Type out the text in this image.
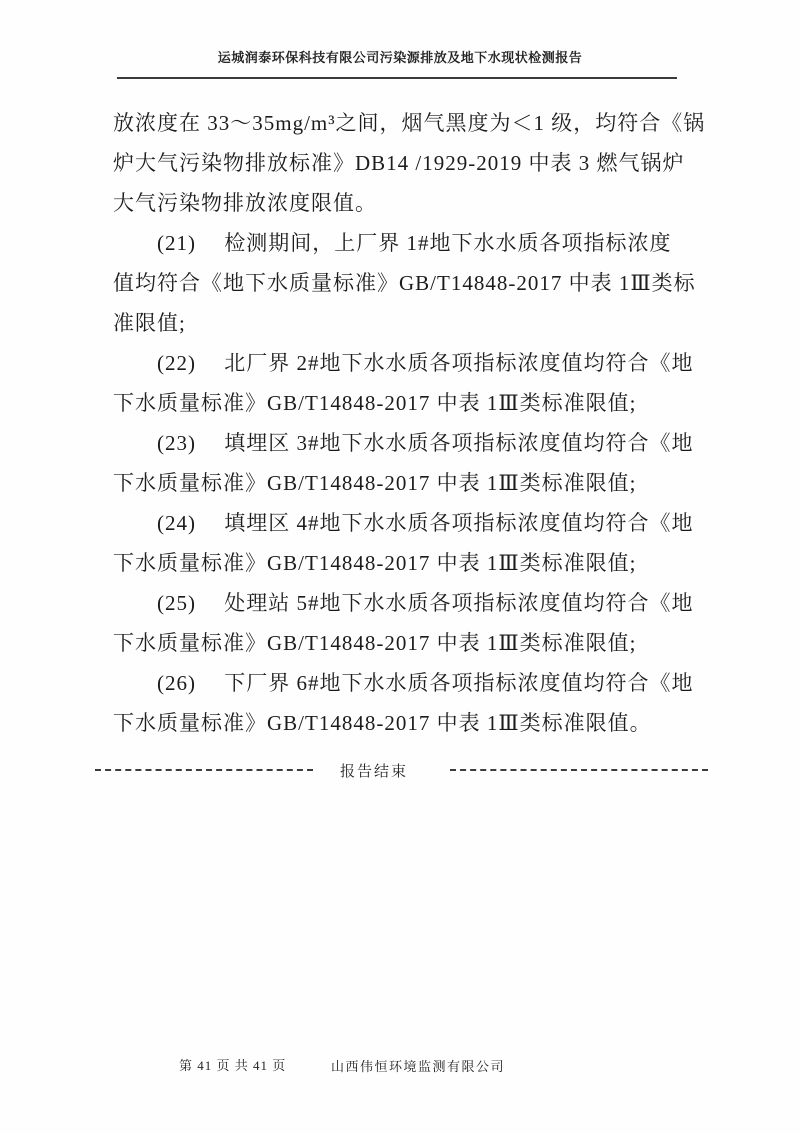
运城润泰环保科技有限公司污染源排放及地下水现状检测报告
放浓度在 33～35mg/m³之间，烟气黑度为＜1 级，均符合《锅
炉大气污染物排放标准》DB14 /1929-2019 中表 3 燃气锅炉
大气污染物排放浓度限值。
　　(21)　 检测期间，上厂界 1#地下水水质各项指标浓度
值均符合《地下水质量标准》GB/T14848-2017 中表 1Ⅲ类标
准限值;
　　(22)　 北厂界 2#地下水水质各项指标浓度值均符合《地
下水质量标准》GB/T14848-2017 中表 1Ⅲ类标准限值;
　　(23)　 填埋区 3#地下水水质各项指标浓度值均符合《地
下水质量标准》GB/T14848-2017 中表 1Ⅲ类标准限值;
　　(24)　 填埋区 4#地下水水质各项指标浓度值均符合《地
下水质量标准》GB/T14848-2017 中表 1Ⅲ类标准限值;
　　(25)　 处理站 5#地下水水质各项指标浓度值均符合《地
下水质量标准》GB/T14848-2017 中表 1Ⅲ类标准限值;
　　(26)　 下厂界 6#地下水水质各项指标浓度值均符合《地
下水质量标准》GB/T14848-2017 中表 1Ⅲ类标准限值。
报告结束
第 41 页 共 41 页	山西伟恒环境监测有限公司
